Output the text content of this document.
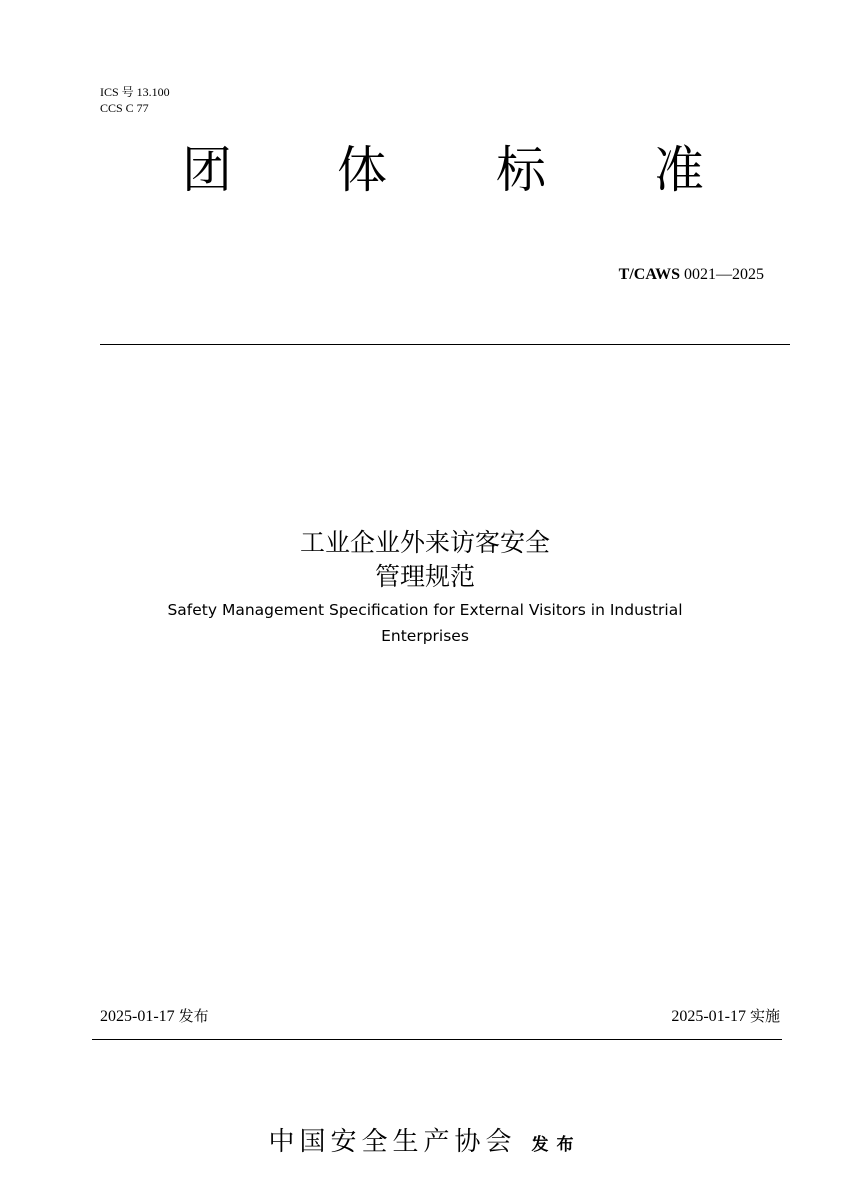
ICS 号 13.100
CCS C 77
团 体 标 准
T/CAWS 0021—2025
工业企业外来访客安全
管理规范
Safety Management Specification for External Visitors in Industrial
Enterprises
2025-01-17 发布	2025-01-17 实施
中国安全生产协会 发布
